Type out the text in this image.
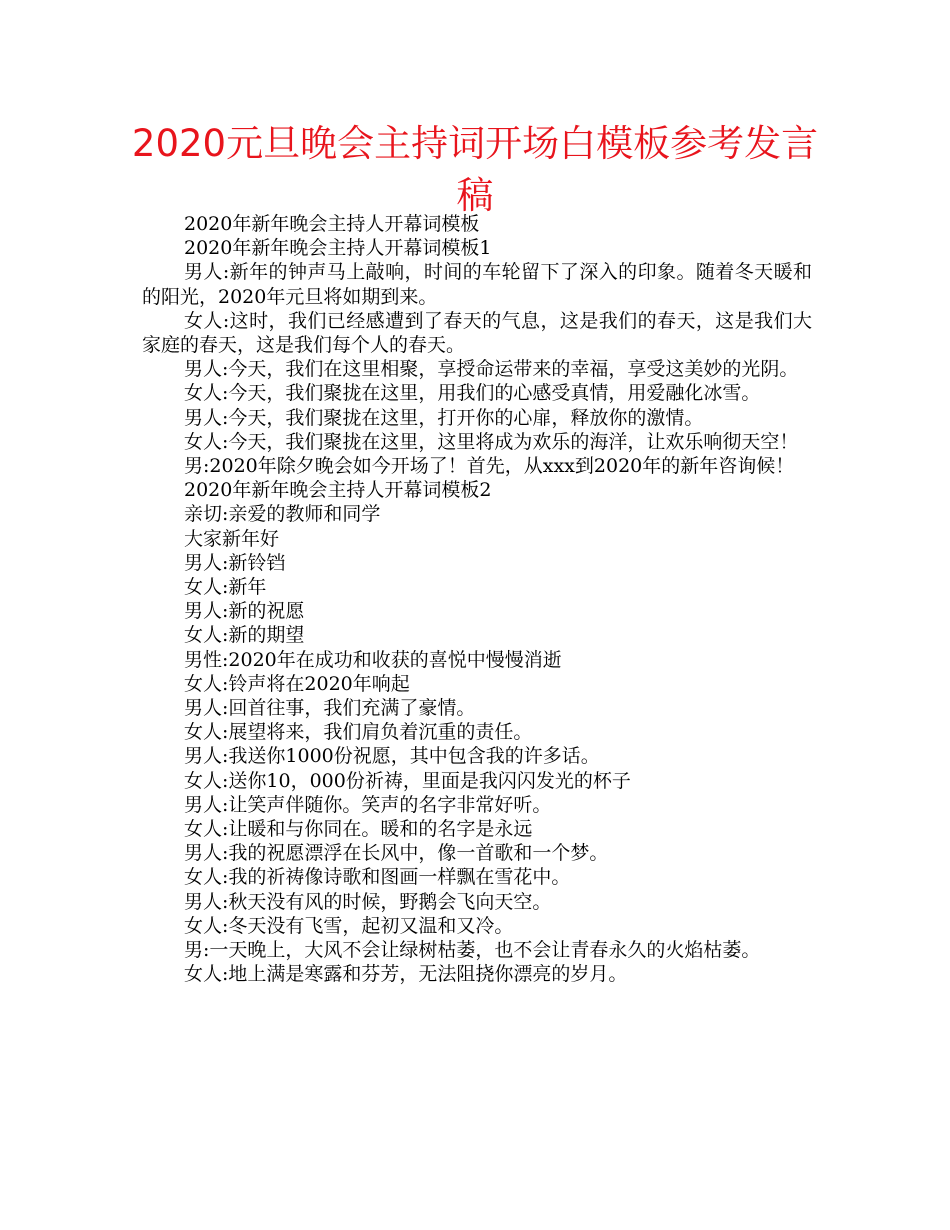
2020元旦晚会主持词开场白模板参考发言稿

2020年新年晚会主持人开幕词模板

2020年新年晚会主持人开幕词模板1

男人:新年的钟声马上敲响，时间的车轮留下了深入的印象。随着冬天暖和的阳光，2020年元旦将如期到来。

女人:这时，我们已经感遭到了春天的气息，这是我们的春天，这是我们大家庭的春天，这是我们每个人的春天。

男人:今天，我们在这里相聚，享授命运带来的幸福，享受这美妙的光阴。

女人:今天，我们聚拢在这里，用我们的心感受真情，用爱融化冰雪。

男人:今天，我们聚拢在这里，打开你的心扉，释放你的激情。

女人:今天，我们聚拢在这里，这里将成为欢乐的海洋，让欢乐响彻天空！

男:2020年除夕晚会如今开场了！首先，从xxx到2020年的新年咨询候！

2020年新年晚会主持人开幕词模板2

亲切:亲爱的教师和同学

大家新年好

男人:新铃铛

女人:新年

男人:新的祝愿

女人:新的期望

男性:2020年在成功和收获的喜悦中慢慢消逝

女人:铃声将在2020年响起

男人:回首往事，我们充满了豪情。

女人:展望将来，我们肩负着沉重的责任。

男人:我送你1000份祝愿，其中包含我的许多话。

女人:送你10，000份祈祷，里面是我闪闪发光的杯子

男人:让笑声伴随你。笑声的名字非常好听。

女人:让暖和与你同在。暖和的名字是永远

男人:我的祝愿漂浮在长风中，像一首歌和一个梦。

女人:我的祈祷像诗歌和图画一样飘在雪花中。

男人:秋天没有风的时候，野鹅会飞向天空。

女人:冬天没有飞雪，起初又温和又冷。

男:一天晚上，大风不会让绿树枯萎，也不会让青春永久的火焰枯萎。

女人:地上满是寒露和芬芳，无法阻挠你漂亮的岁月。
